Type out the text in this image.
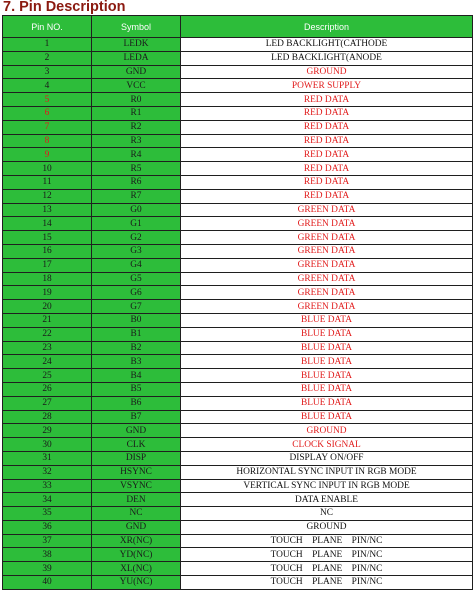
7. Pin Description
Pin NO.	Symbol	Description
1	LEDK	LED BACKLIGHT(CATHODE
2	LEDA	LED BACKLIGHT(ANODE
3	GND	GROUND
4	VCC	POWER SUPPLY
5	R0	RED DATA
6	R1	RED DATA
7	R2	RED DATA
8	R3	RED DATA
9	R4	RED DATA
10	R5	RED DATA
11	R6	RED DATA
12	R7	RED DATA
13	G0	GREEN DATA
14	G1	GREEN DATA
15	G2	GREEN DATA
16	G3	GREEN DATA
17	G4	GREEN DATA
18	G5	GREEN DATA
19	G6	GREEN DATA
20	G7	GREEN DATA
21	B0	BLUE DATA
22	B1	BLUE DATA
23	B2	BLUE DATA
24	B3	BLUE DATA
25	B4	BLUE DATA
26	B5	BLUE DATA
27	B6	BLUE DATA
28	B7	BLUE DATA
29	GND	GROUND
30	CLK	CLOCK SIGNAL
31	DISP	DISPLAY ON/OFF
32	HSYNC	HORIZONTAL SYNC INPUT IN RGB MODE
33	VSYNC	VERTICAL SYNC INPUT IN RGB MODE
34	DEN	DATA ENABLE
35	NC	NC
36	GND	GROUND
37	XR(NC)	TOUCH    PLANE    PIN/NC
38	YD(NC)	TOUCH    PLANE    PIN/NC
39	XL(NC)	TOUCH    PLANE    PIN/NC
40	YU(NC)	TOUCH    PLANE    PIN/NC
